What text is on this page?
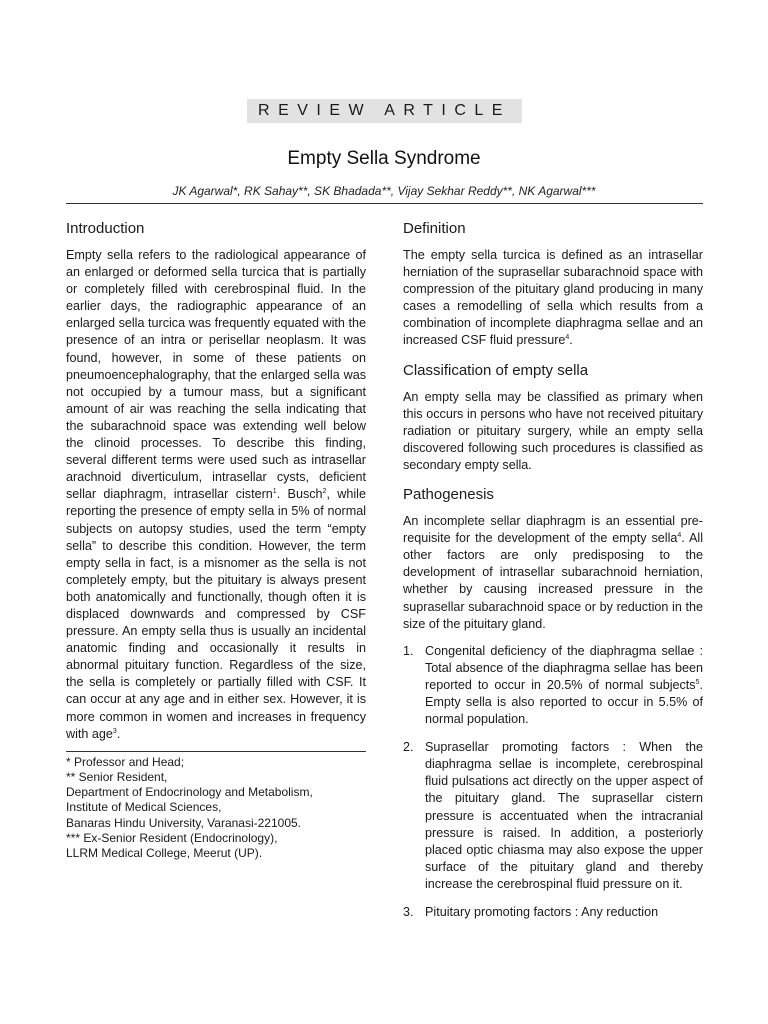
REVIEW ARTICLE
Empty Sella Syndrome
JK Agarwal*, RK Sahay**, SK Bhadada**, Vijay Sekhar Reddy**, NK Agarwal***
Introduction

Empty sella refers to the radiological appearance of an enlarged or deformed sella turcica that is partially or completely filled with cerebrospinal fluid. In the earlier days, the radiographic appearance of an enlarged sella turcica was frequently equated with the presence of an intra or perisellar neoplasm. It was found, however, in some of these patients on pneumoencephalography, that the enlarged sella was not occupied by a tumour mass, but a significant amount of air was reaching the sella indicating that the subarachnoid space was extending well below the clinoid processes. To describe this finding, several different terms were used such as intrasellar arachnoid diverticulum, intrasellar cysts, deficient sellar diaphragm, intrasellar cistern$^1$. Busch$^2$, while reporting the presence of empty sella in 5% of normal subjects on autopsy studies, used the term “empty sella” to describe this condition. However, the term empty sella in fact, is a misnomer as the sella is not completely empty, but the pituitary is always present both anatomically and functionally, though often it is displaced downwards and compressed by CSF pressure. An empty sella thus is usually an incidental anatomic finding and occasionally it results in abnormal pituitary function. Regardless of the size, the sella is completely or partially filled with CSF. It can occur at any age and in either sex. However, it is more common in women and increases in frequency with age$^3$.

* Professor and Head;
** Senior Resident,
Department of Endocrinology and Metabolism,
Institute of Medical Sciences,
Banaras Hindu University, Varanasi-221005.
*** Ex-Senior Resident (Endocrinology),
LLRM Medical College, Meerut (UP).
Definition

The empty sella turcica is defined as an intrasellar herniation of the suprasellar subarachnoid space with compression of the pituitary gland producing in many cases a remodelling of sella which results from a combination of incomplete diaphragma sellae and an increased CSF fluid pressure$^4$.

Classification of empty sella

An empty sella may be classified as primary when this occurs in persons who have not received pituitary radiation or pituitary surgery, while an empty sella discovered following such procedures is classified as secondary empty sella.

Pathogenesis

An incomplete sellar diaphragm is an essential pre-requisite for the development of the empty sella$^4$. All other factors are only predisposing to the development of intrasellar subarachnoid herniation, whether by causing increased pressure in the suprasellar subarachnoid space or by reduction in the size of the pituitary gland.

1. Congenital deficiency of the diaphragma sellae : Total absence of the diaphragma sellae has been reported to occur in 20.5% of normal subjects$^5$. Empty sella is also reported to occur in 5.5% of normal population.
2. Suprasellar promoting factors : When the diaphragma sellae is incomplete, cerebrospinal fluid pulsations act directly on the upper aspect of the pituitary gland. The suprasellar cistern pressure is accentuated when the intracranial pressure is raised. In addition, a posteriorly placed optic chiasma may also expose the upper surface of the pituitary gland and thereby increase the cerebrospinal fluid pressure on it.
3. Pituitary promoting factors : Any reduction
